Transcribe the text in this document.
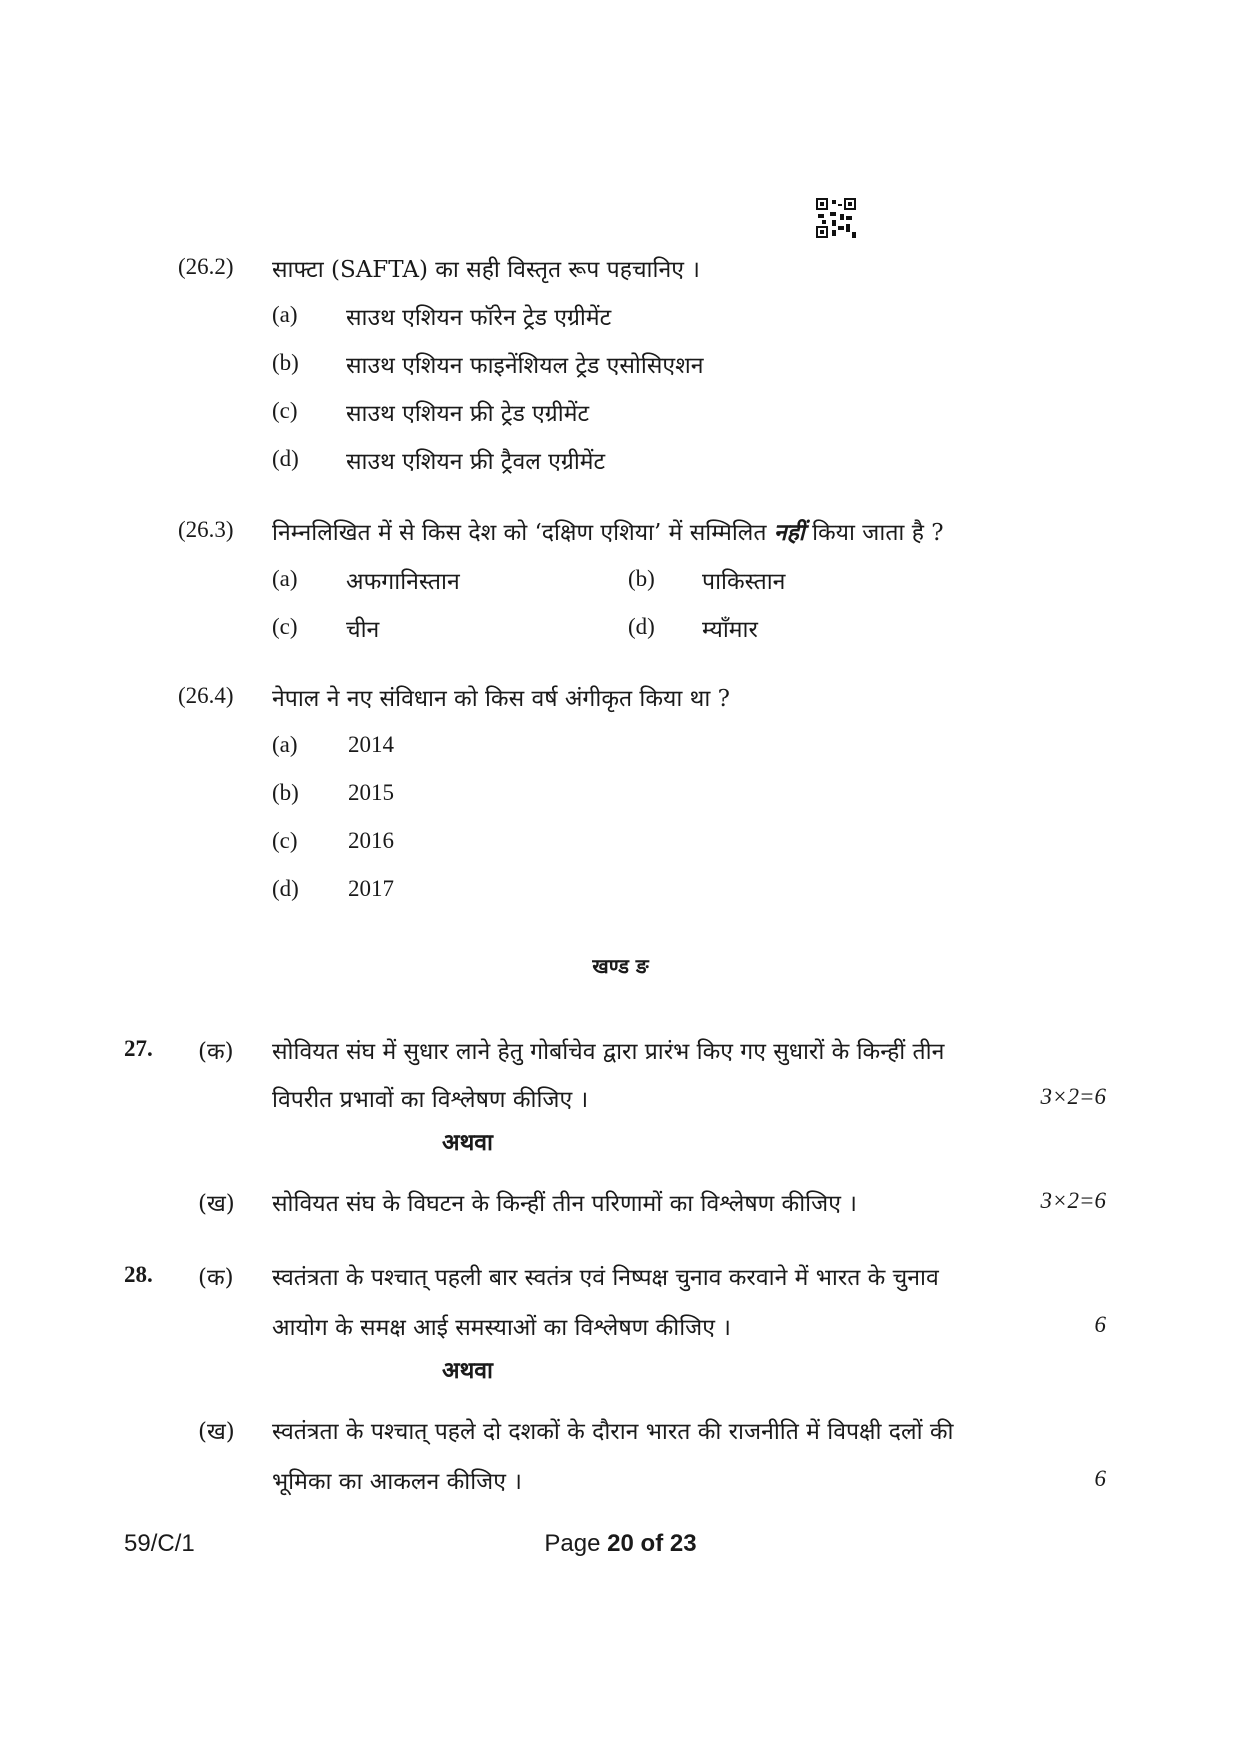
(26.2) साफ्टा (SAFTA) का सही विस्तृत रूप पहचानिए ।
(a) साउथ एशियन फॉरेन ट्रेड एग्रीमेंट
(b) साउथ एशियन फाइनेंशियल ट्रेड एसोसिएशन
(c) साउथ एशियन फ्री ट्रेड एग्रीमेंट
(d) साउथ एशियन फ्री ट्रैवल एग्रीमेंट
(26.3) निम्नलिखित में से किस देश को ‘दक्षिण एशिया’ में सम्मिलित नहीं किया जाता है ?
(a) अफगानिस्तान	(b) पाकिस्तान
(c) चीन	(d) म्याँमार
(26.4) नेपाल ने नए संविधान को किस वर्ष अंगीकृत किया था ?
(a) 2014
(b) 2015
(c) 2016
(d) 2017
खण्ड ङ
27. (क) सोवियत संघ में सुधार लाने हेतु गोर्बाचेव द्वारा प्रारंभ किए गए सुधारों के किन्हीं तीन
विपरीत प्रभावों का विश्लेषण कीजिए ।	3×2=6
अथवा
(ख) सोवियत संघ के विघटन के किन्हीं तीन परिणामों का विश्लेषण कीजिए ।	3×2=6
28. (क) स्वतंत्रता के पश्चात् पहली बार स्वतंत्र एवं निष्पक्ष चुनाव करवाने में भारत के चुनाव
आयोग के समक्ष आई समस्याओं का विश्लेषण कीजिए ।	6
अथवा
(ख) स्वतंत्रता के पश्चात् पहले दो दशकों के दौरान भारत की राजनीति में विपक्षी दलों की
भूमिका का आकलन कीजिए ।	6
59/C/1	Page 20 of 23
